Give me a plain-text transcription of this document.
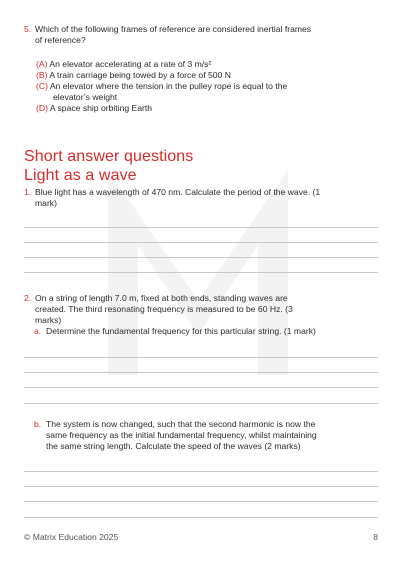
5. Which of the following frames of reference are considered inertial frames
of reference?
(A) An elevator accelerating at a rate of 3 m/s²
(B) A train carriage being towed by a force of 500 N
(C) An elevator where the tension in the pulley rope is equal to the
elevator’s weight
(D) A space ship orbiting Earth
Short answer questions
Light as a wave
1. Blue light has a wavelength of 470 nm. Calculate the period of the wave. (1
mark)
2. On a string of length 7.0 m, fixed at both ends, standing waves are
created. The third resonating frequency is measured to be 60 Hz. (3
marks)
a. Determine the fundamental frequency for this particular string. (1 mark)
b. The system is now changed, such that the second harmonic is now the
same frequency as the initial fundamental frequency, whilst maintaining
the same string length. Calculate the speed of the waves (2 marks)
© Matrix Education 2025	8
